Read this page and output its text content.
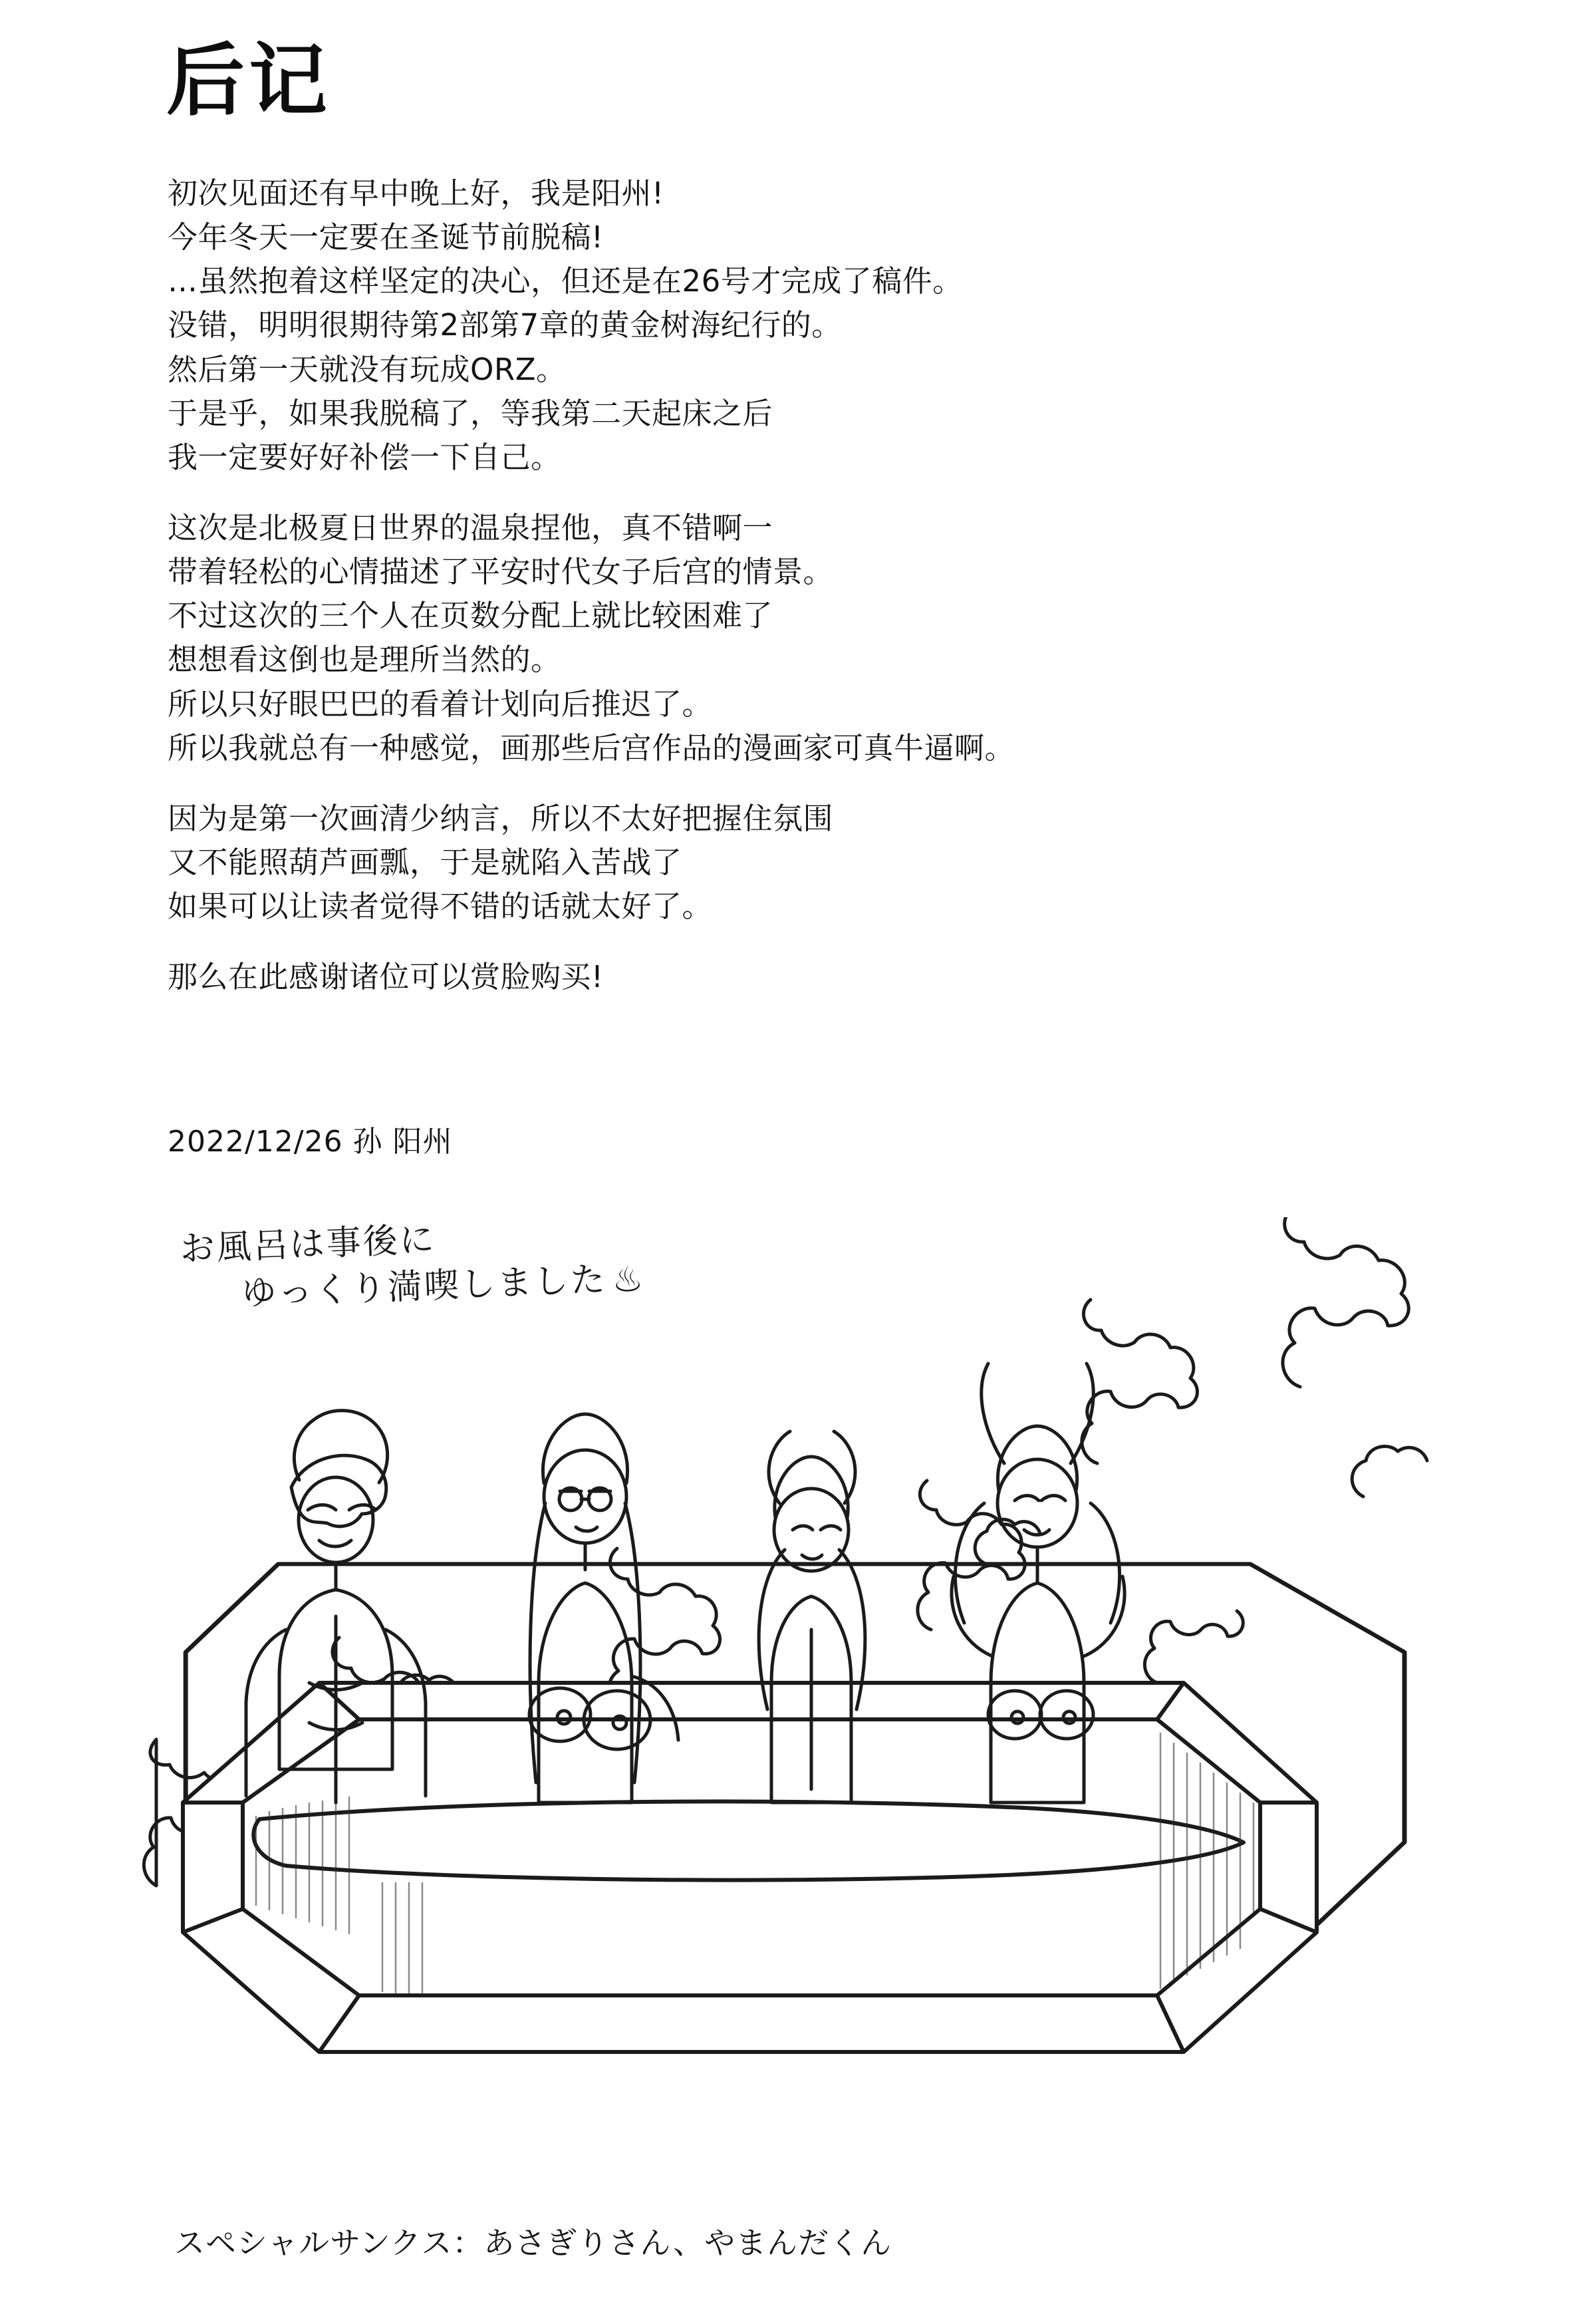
后记
初次见面还有早中晚上好，我是阳州!
今年冬天一定要在圣诞节前脱稿!
…虽然抱着这样坚定的决心，但还是在26号才完成了稿件。
没错，明明很期待第2部第7章的黄金树海纪行的。
然后第一天就没有玩成ORZ。
于是乎，如果我脱稿了，等我第二天起床之后
我一定要好好补偿一下自己。
这次是北极夏日世界的温泉捏他，真不错啊一
带着轻松的心情描述了平安时代女子后宫的情景。
不过这次的三个人在页数分配上就比较困难了
想想看这倒也是理所当然的。
所以只好眼巴巴的看着计划向后推迟了。
所以我就总有一种感觉，画那些后宫作品的漫画家可真牛逼啊。
因为是第一次画清少纳言，所以不太好把握住氛围
又不能照葫芦画瓢，于是就陷入苦战了
如果可以让读者觉得不错的话就太好了。
那么在此感谢诸位可以赏脸购买!
2022/12/26 孙 阳州
お風呂は事後に
ゆっくり満喫しました ♨
スペシャルサンクス：あさぎりさん、やまんだくん
